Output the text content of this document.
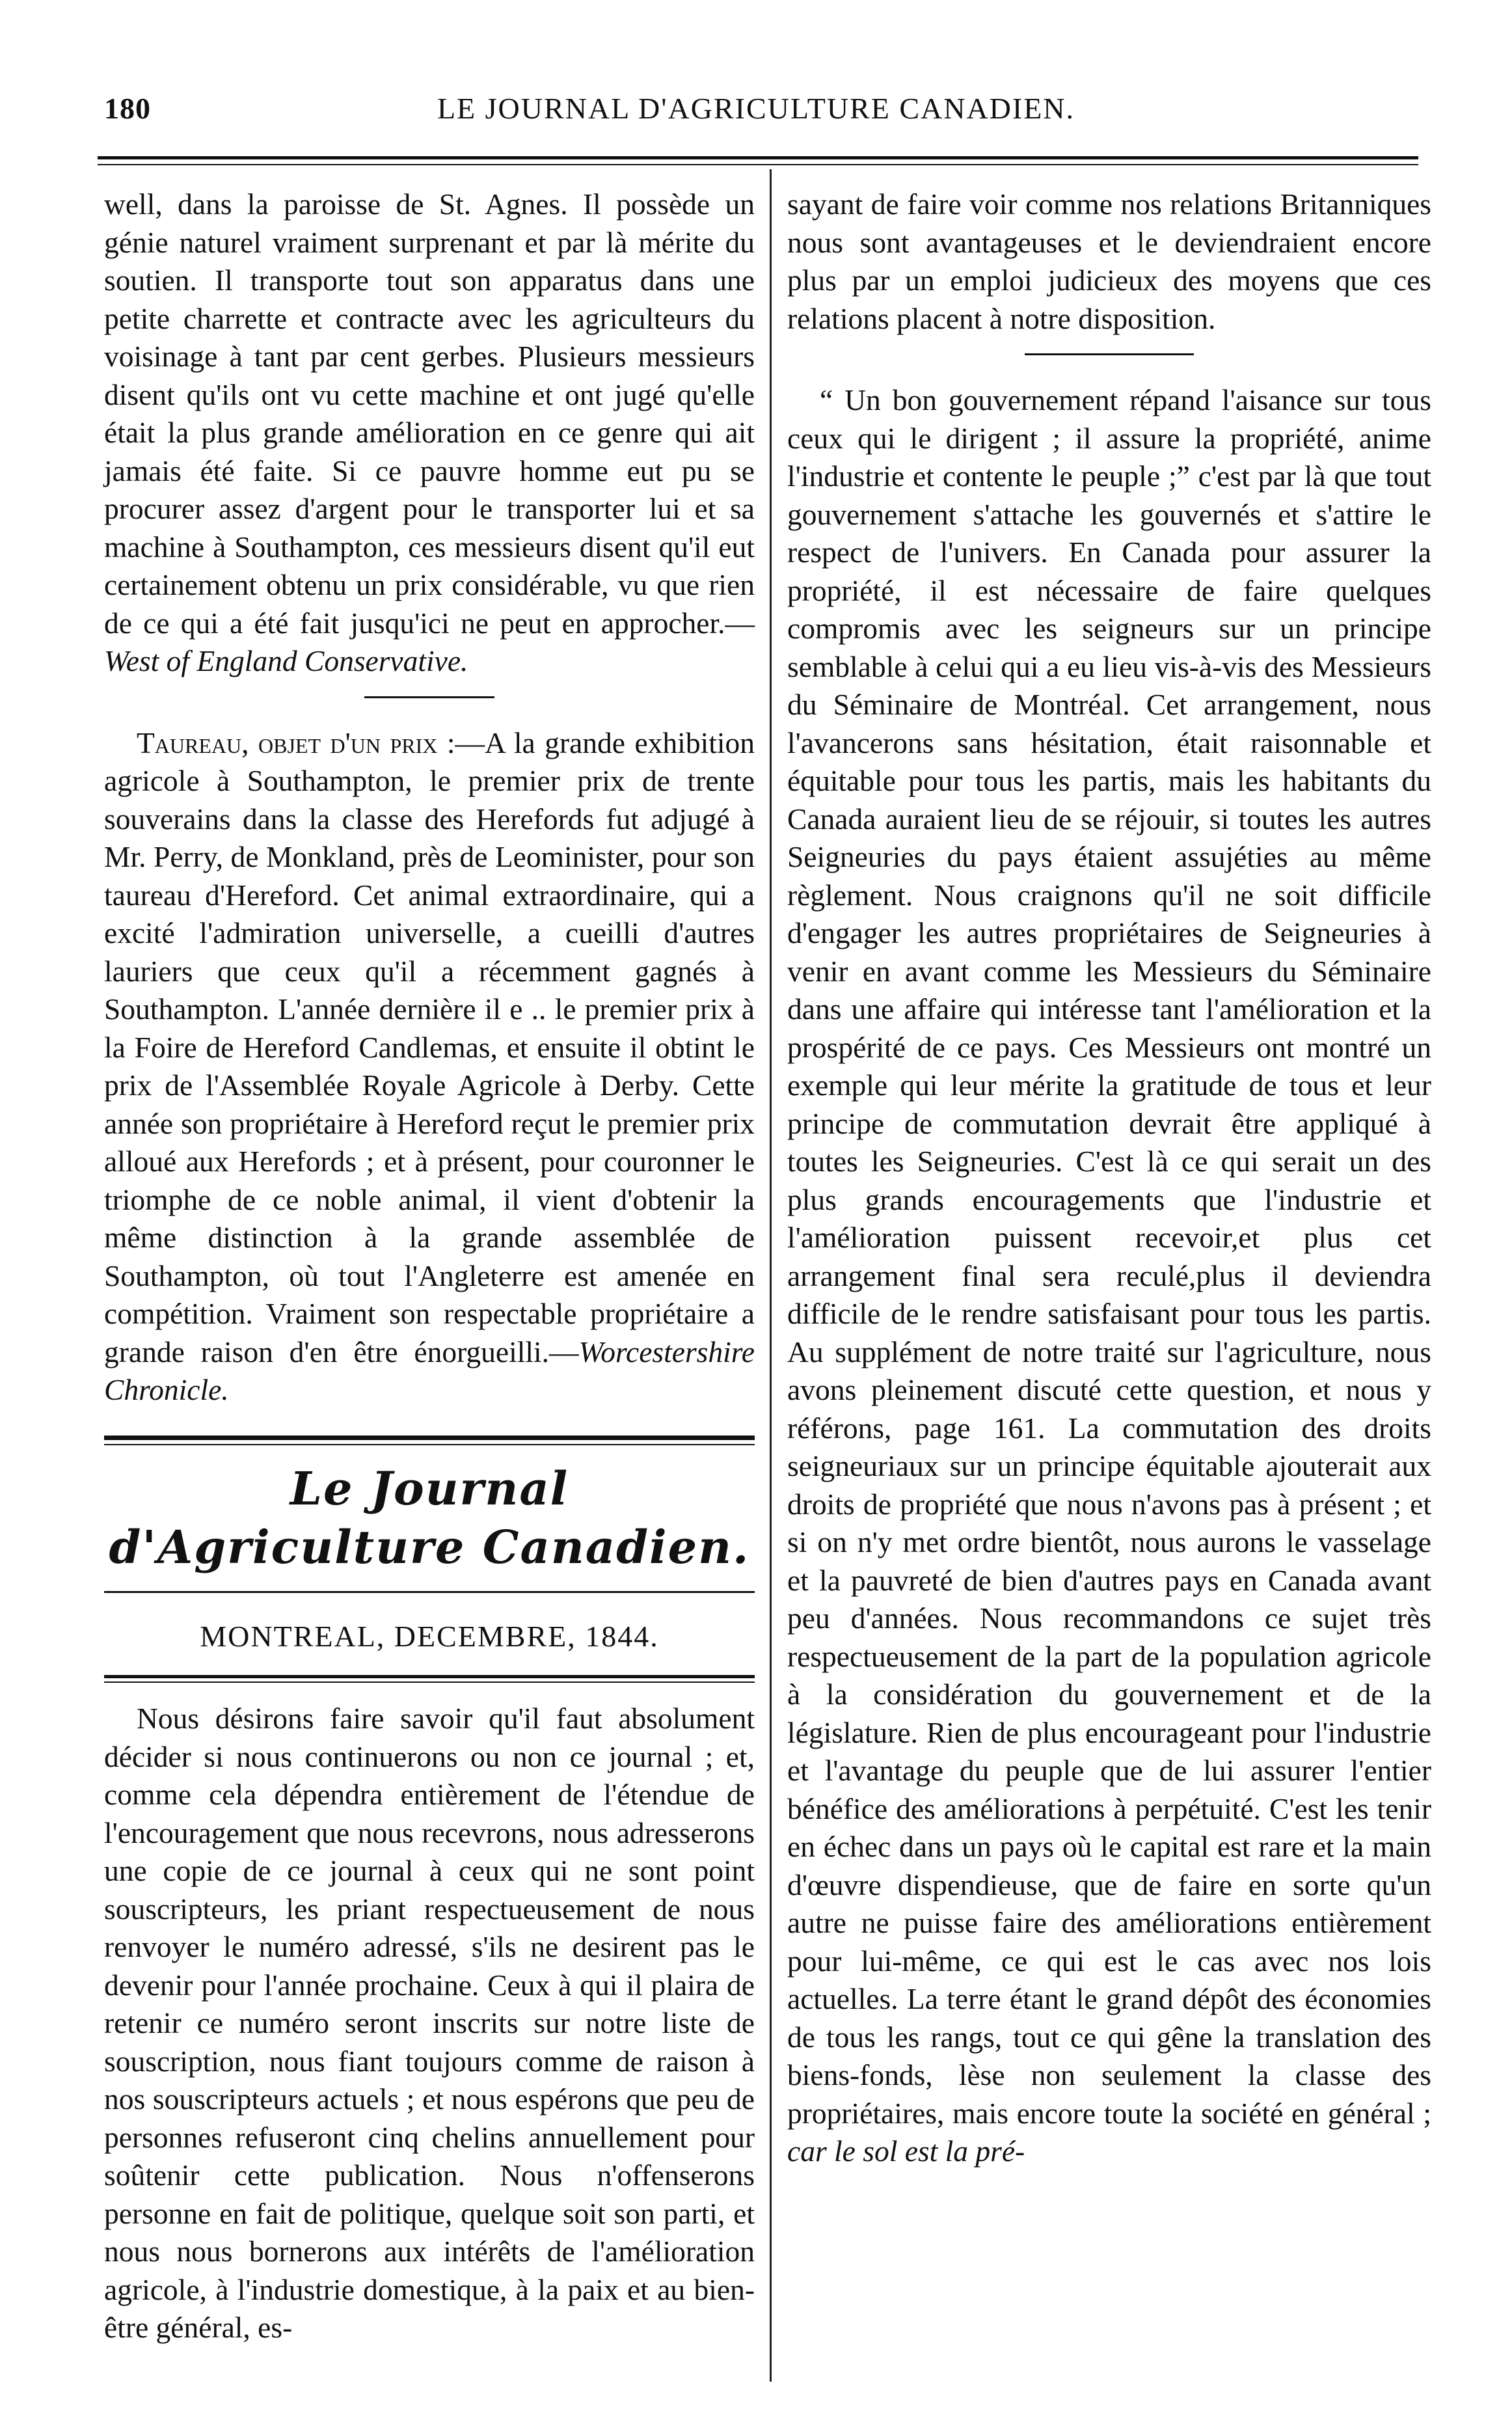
180	LE JOURNAL D'AGRICULTURE CANADIEN.

well, dans la paroisse de St. Agnes. Il possède un génie naturel vraiment surprenant et par là mérite du soutien. Il transporte tout son apparatus dans une petite charrette et contracte avec les agriculteurs du voisinage à tant par cent gerbes. Plusieurs messieurs disent qu'ils ont vu cette machine et ont jugé qu'elle était la plus grande amélioration en ce genre qui ait jamais été faite. Si ce pauvre homme eut pu se procurer assez d'argent pour le transporter lui et sa machine à Southampton, ces messieurs disent qu'il eut certainement obtenu un prix considérable, vu que rien de ce qui a été fait jusqu'ici ne peut en approcher.—West of England Conservative.

Taureau, objet d'un prix :—A la grande exhibition agricole à Southampton, le premier prix de trente souverains dans la classe des Herefords fut adjugé à Mr. Perry, de Monkland, près de Leominister, pour son taureau d'Hereford. Cet animal extraordinaire, qui a excité l'admiration universelle, a cueilli d'autres lauriers que ceux qu'il a récemment gagnés à Southampton. L'année dernière il e .. le premier prix à la Foire de Hereford Candlemas, et ensuite il obtint le prix de l'Assemblée Royale Agricole à Derby. Cette année son propriétaire à Hereford reçut le premier prix alloué aux Herefords ; et à présent, pour couronner le triomphe de ce noble animal, il vient d'obtenir la même distinction à la grande assemblée de Southampton, où tout l'Angleterre est amenée en compétition. Vraiment son respectable propriétaire a grande raison d'en être énorgueilli.—Worcestershire Chronicle.

Le Journal d'Agriculture Canadien.
MONTREAL, DECEMBRE, 1844.

Nous désirons faire savoir qu'il faut absolument décider si nous continuerons ou non ce journal ; et, comme cela dépendra entièrement de l'étendue de l'encouragement que nous recevrons, nous adresserons une copie de ce journal à ceux qui ne sont point souscripteurs, les priant respectueusement de nous renvoyer le numéro adressé, s'ils ne desirent pas le devenir pour l'année prochaine. Ceux à qui il plaira de retenir ce numéro seront inscrits sur notre liste de souscription, nous fiant toujours comme de raison à nos souscripteurs actuels ; et nous espérons que peu de personnes refuseront cinq chelins annuellement pour soûtenir cette publication. Nous n'offenserons personne en fait de politique, quelque soit son parti, et nous nous bornerons aux intérêts de l'amélioration agricole, à l'industrie domestique, à la paix et au bien-être général, es-

sayant de faire voir comme nos relations Britanniques nous sont avantageuses et le deviendraient encore plus par un emploi judicieux des moyens que ces relations placent à notre disposition.

“ Un bon gouvernement répand l'aisance sur tous ceux qui le dirigent ; il assure la propriété, anime l'industrie et contente le peuple ;” c'est par là que tout gouvernement s'attache les gouvernés et s'attire le respect de l'univers. En Canada pour assurer la propriété, il est nécessaire de faire quelques compromis avec les seigneurs sur un principe semblable à celui qui a eu lieu vis-à-vis des Messieurs du Séminaire de Montréal. Cet arrangement, nous l'avancerons sans hésitation, était raisonnable et équitable pour tous les partis, mais les habitants du Canada auraient lieu de se réjouir, si toutes les autres Seigneuries du pays étaient assujéties au même règlement. Nous craignons qu'il ne soit difficile d'engager les autres propriétaires de Seigneuries à venir en avant comme les Messieurs du Séminaire dans une affaire qui intéresse tant l'amélioration et la prospérité de ce pays. Ces Messieurs ont montré un exemple qui leur mérite la gratitude de tous et leur principe de commutation devrait être appliqué à toutes les Seigneuries. C'est là ce qui serait un des plus grands encouragements que l'industrie et l'amélioration puissent recevoir,et plus cet arrangement final sera reculé,plus il deviendra difficile de le rendre satisfaisant pour tous les partis. Au supplément de notre traité sur l'agriculture, nous avons pleinement discuté cette question, et nous y référons, page 161. La commutation des droits seigneuriaux sur un principe équitable ajouterait aux droits de propriété que nous n'avons pas à présent ; et si on n'y met ordre bientôt, nous aurons le vasselage et la pauvreté de bien d'autres pays en Canada avant peu d'années. Nous recommandons ce sujet très respectueusement de la part de la population agricole à la considération du gouvernement et de la législature. Rien de plus encourageant pour l'industrie et l'avantage du peuple que de lui assurer l'entier bénéfice des améliorations à perpétuité. C'est les tenir en échec dans un pays où le capital est rare et la main d'œuvre dispendieuse, que de faire en sorte qu'un autre ne puisse faire des améliorations entièrement pour lui-même, ce qui est le cas avec nos lois actuelles. La terre étant le grand dépôt des économies de tous les rangs, tout ce qui gêne la translation des biens-fonds, lèse non seulement la classe des propriétaires, mais encore toute la société en général ; car le sol est la pré-
